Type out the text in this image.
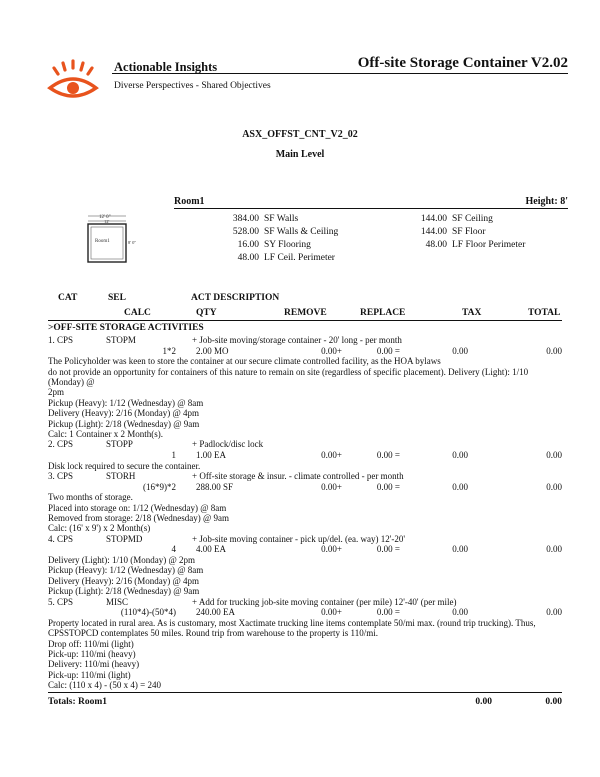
Actionable Insights
Diverse Perspectives - Shared Objectives
Off-site Storage Container V2.02
ASX_OFFST_CNT_V2_02
Main Level
Room1	Height: 8'
12' 0"
12'
Room1	8' 0"
384.00 SF Walls
528.00 SF Walls & Ceiling
16.00 SY Flooring
48.00 LF Ceil. Perimeter
144.00 SF Ceiling
144.00 SF Floor
48.00 LF Floor Perimeter
CAT	SEL	ACT DESCRIPTION
CALC	QTY	REMOVE	REPLACE	TAX	TOTAL
>OFF-SITE STORAGE ACTIVITIES
1. CPS	STOPM	+ Job-site moving/storage container - 20' long - per month
1*2 2.00 MO	0.00+	0.00 =	0.00	0.00
The Policyholder was keen to store the container at our secure climate controlled facility, as the HOA bylaws
do not provide an opportunity for containers of this nature to remain on site (regardless of specific placement). Delivery (Light): 1/10 (Monday) @
2pm
Pickup (Heavy): 1/12 (Wednesday) @ 8am
Delivery (Heavy): 2/16 (Monday) @ 4pm
Pickup (Light): 2/18 (Wednesday) @ 9am
Calc: 1 Container x 2 Month(s).
2. CPS	STOPP	+ Padlock/disc lock
1 1.00 EA	0.00+	0.00 =	0.00	0.00
Disk lock required to secure the container.
3. CPS	STORH	+ Off-site storage & insur. - climate controlled - per month
(16*9)*2 288.00 SF	0.00+	0.00 =	0.00	0.00
Two months of storage.
Placed into storage on: 1/12 (Wednesday) @ 8am
Removed from storage: 2/18 (Wednesday) @ 9am
Calc: (16' x 9') x 2 Month(s)
4. CPS	STOPMD	+ Job-site moving container - pick up/del. (ea. way) 12'-20'
4 4.00 EA	0.00+	0.00 =	0.00	0.00
Delivery (Light): 1/10 (Monday) @ 2pm
Pickup (Heavy): 1/12 (Wednesday) @ 8am
Delivery (Heavy): 2/16 (Monday) @ 4pm
Pickup (Light): 2/18 (Wednesday) @ 9am
5. CPS	MISC	+ Add for trucking job-site moving container (per mile) 12'-40' (per mile)
(110*4)-(50*4) 240.00 EA	0.00+	0.00 =	0.00	0.00
Property located in rural area. As is customary, most Xactimate trucking line items contemplate 50/mi max. (round trip trucking). Thus,
CPSSTOPCD contemplates 50 miles. Round trip from warehouse to the property is 110/mi.
Drop off: 110/mi (light)
Pick-up: 110/mi (heavy)
Delivery: 110/mi (heavy)
Pick-up: 110/mi (light)
Calc: (110 x 4) - (50 x 4) = 240
Totals: Room1	0.00	0.00
